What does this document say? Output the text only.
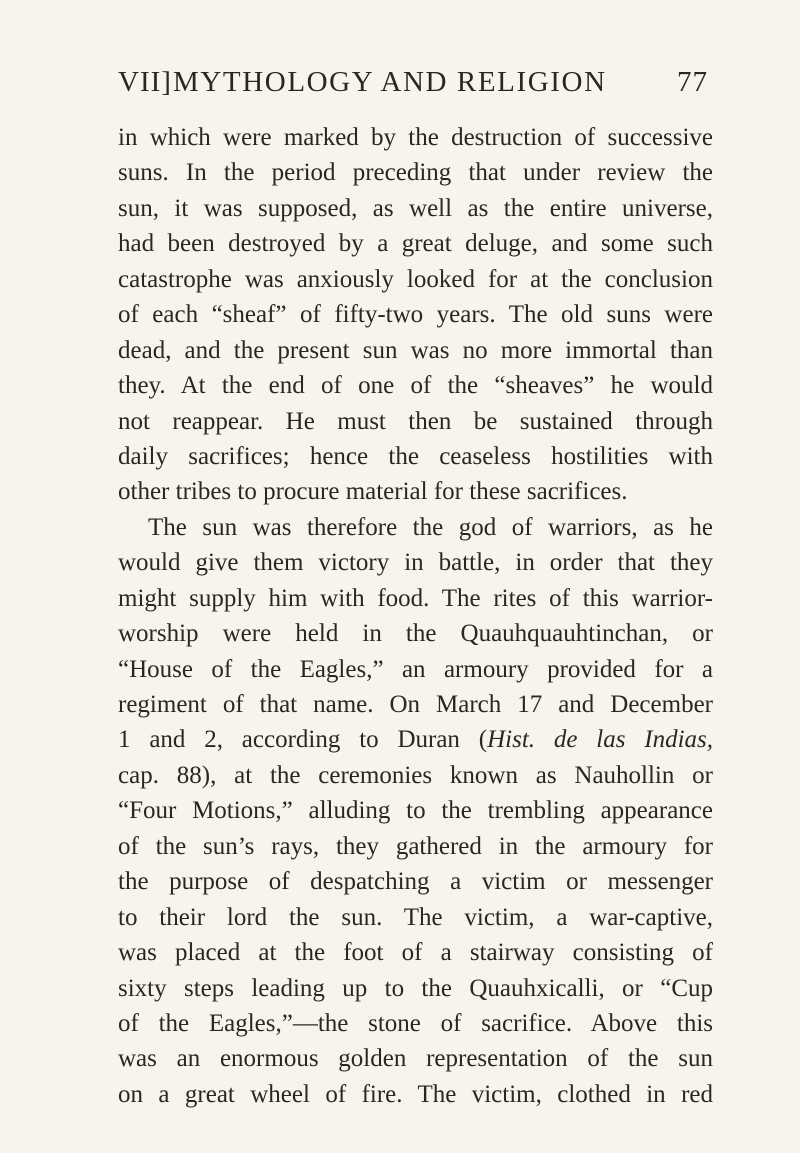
VII] MYTHOLOGY AND RELIGION	77
in which were marked by the destruction of successive
suns. In the period preceding that under review the
sun, it was supposed, as well as the entire universe,
had been destroyed by a great deluge, and some such
catastrophe was anxiously looked for at the conclusion
of each “sheaf” of fifty-two years. The old suns were
dead, and the present sun was no more immortal than
they. At the end of one of the “sheaves” he would
not reappear. He must then be sustained through
daily sacrifices; hence the ceaseless hostilities with
other tribes to procure material for these sacrifices.
The sun was therefore the god of warriors, as he
would give them victory in battle, in order that they
might supply him with food. The rites of this warrior-
worship were held in the Quauhquauhtinchan, or
“House of the Eagles,” an armoury provided for a
regiment of that name. On March 17 and December
1 and 2, according to Duran (Hist. de las Indias,
cap. 88), at the ceremonies known as Nauhollin or
“Four Motions,” alluding to the trembling appearance
of the sun’s rays, they gathered in the armoury for
the purpose of despatching a victim or messenger
to their lord the sun. The victim, a war-captive,
was placed at the foot of a stairway consisting of
sixty steps leading up to the Quauhxicalli, or “Cup
of the Eagles,”—the stone of sacrifice. Above this
was an enormous golden representation of the sun
on a great wheel of fire. The victim, clothed in red
